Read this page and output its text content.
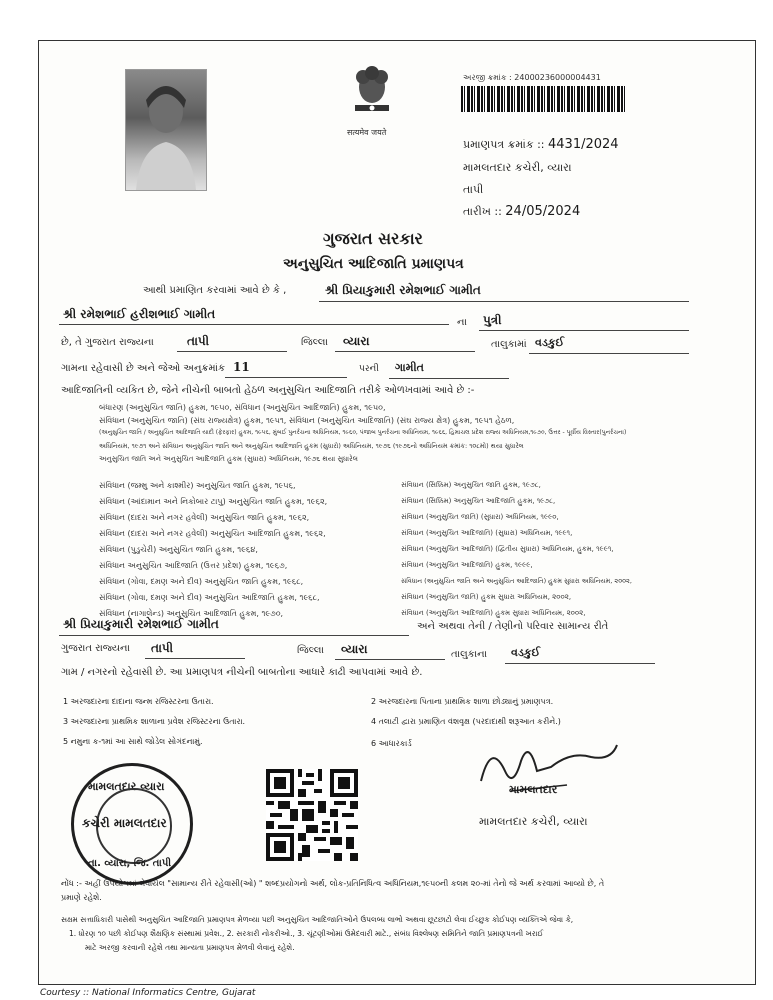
सत्यमेव जयते
અરજી ક્રમાંક : 24000236000004431
પ્રમાણપત્ર ક્રમાંક :: 4431/2024
મામલતદાર કચેરી, વ્યારા
તાપી
તારીખ :: 24/05/2024
ગુજરાત સરકાર
અનુસુચિત આદિજાતિ પ્રમાણપત્ર
આથી પ્રમાણિત કરવામાં આવે છે કે ,	શ્રી પ્રિયાકુમારી રમેશભાઈ ગામીત
શ્રી રમેશભાઈ હરીશભાઈ ગામીત
ના પુત્રી
છે, તે ગુજરાત રાજ્યના	તાપી	જિલ્લા વ્યારા	તાલુકામાં વડકુઈ
ગામના રહેવાસી છે અને જેઓ અનુક્રમાંક 11	પરની ગામીત
આદિજાતિની વ્યકિત છે, જેને નીચેની બાબતો હેઠળ અનુસુચિત આદિજાતિ તરીકે ઓળખવામાં આવે છે :-
બંધારણ (અનુસુચિત જાતિ) હુકમ, ૧૯૫૦, સંવિધાન (અનુસુચિત આદિજાતિ) હુકમ, ૧૯૫૦,
સંવિધાન (અનુસુચિત જાતિ) (સંઘ રાજ્યક્ષેત્ર) હુકમ, ૧૯૫૧, સંવિધાન (અનુસુચિત આદિજાતિ) (સંઘ રાજ્ય ક્ષેત્ર) હુકમ, ૧૯૫૧ હેઠળ,
(અનુસુચિત જાતિ / અનુસુચિત આદિજાતિ યાદી (ફેરફાર) હુકમ, ૧૯૫૬, મુંબઈ પુનર્રચના અધિનિયમ, ૧૯૬૦, પંજાબ પુનર્રચના અધિનિયમ, ૧૯૬૬, હિમાચલ પ્રદેશ રાજ્ય અધિનિયમ,૧૯૭૦, ઉત્તર - પૂર્વીય વિસ્તાર(પુનર્રચના)
અધિનિયમ, ૧૯૭૧ અને સંવિધાન અનુસુચિત જાતિ અને અનુસુચિત આદિજાતિ હુકમ (સુધારો) અધિનિયમ, ૧૯૭૬ (૧૯૭૬નો અધિનિયમ ક્રમાંક: ૧૦૮મો) થયા સુધારેલ
અનુસુચિત જાતિ અને અનુસુચિત આદિજાતિ હુકમ (સુધારા) અધિનિયમ, ૧૯૭૬ થયા સુધારેલ
સંવિધાન (જમ્મુ અને કાશ્મીર) અનુસુચિત જાતિ હુકમ, ૧૯૫૬,
સંવિધાન (આંદામાન અને નિકોબાર ટાપુ) અનુસુચિત જાતિ હુકમ, ૧૯૬૨,
સંવિધાન (દાદરા અને નગર હવેલી) અનુસુચિત જાતિ હુકમ, ૧૯૬૨,
સંવિધાન (દાદરા અને નગર હવેલી) અનુસુચિત આદિજાતિ હુકમ, ૧૯૬૨,
સંવિધાન (પુડુચેરી) અનુસુચિત જાતિ હુકમ, ૧૯૬૪,
સંવિધાન અનુસુચિત આદિજાતિ (ઉત્તર પ્રદેશ) હુકમ, ૧૯૬૭,
સંવિધાન (ગોવા, દમણ અને દીવ) અનુસુચિત જાતિ હુકમ, ૧૯૬૮,
સંવિધાન (ગોવા, દમણ અને દીવ) અનુસુચિત આદિજાતિ હુકમ, ૧૯૬૮,
સંવિધાન (નાગાલેન્ડ) અનુસુચિત આદિજાતિ હુકમ, ૧૯૭૦,
સંવિધાન (સિક્કિમ) અનુસુચિત જાતિ હુકમ, ૧૯૭૮,
સંવિધાન (સિક્કિમ) અનુસુચિત આદિજાતિ હુકમ, ૧૯૭૮,
સંવિધાન (અનુસુચિત જાતિ) (સુધારા) અધિનિયમ, ૧૯૯૦,
સંવિધાન (અનુસુચિત આદિજાતિ) (સુધારા) અધિનિયમ, ૧૯૯૧,
સંવિધાન (અનુસુચિત આદિજાતિ) (દ્વિતીય સુધારા) અધિનિયમ, હુકમ, ૧૯૯૧,
સંવિધાન (અનુસુચિત આદિજાતિ) હુકમ, ૧૯૯૯,
સંવિધાન (અનુસુચિત જાતિ અને અનુસુચિત આદિજાતિ) હુકમ સુધારા અધિનિયમ, ૨૦૦૨,
સંવિધાન (અનુસુચિત જાતિ) હુકમ સુધારા અધિનિયમ, ૨૦૦૨,
સંવિધાન (અનુસુચિત આદિજાતિ) હુકમ સુધારા અધિનિયમ, ૨૦૦૨,
શ્રી પ્રિયાકુમારી રમેશભાઈ ગામીત	અને અથવા તેની / તેણીનો પરિવાર સામાન્ય રીતે
ગુજરાત રાજ્યના તાપી	જિલ્લા વ્યારા	તાલુકાના વડકુઈ
ગામ / નગરનો રહેવાસી છે. આ પ્રમાણપત્ર નીચેની બાબતોના આધારે કાઢી આપવામાં આવે છે.
1 અરજદારના દાદાના જન્મ રજિસ્ટરના ઉતારા.	2 અરજદારના પિતાના પ્રાથમિક શાળા છોડ્યાનું પ્રમાણપત્ર.
3 અરજદારના પ્રાથમિક શાળાના પ્રવેશ રજિસ્ટરના ઉતારા.	4 તલાટી દ્વારા પ્રમાણિત વંશવૃક્ષ (પરદાદાથી શરૂઆત કરીને.)
5 નમુના ક-૧માં આ સાથે જોડેલ સોગંદનામું.	6 આધારકાર્ડ
મામલતદાર વ્યારા
કચેરી મામલતદાર
તા. વ્યારા, જિ. તાપી
મામલતદાર
મામલતદાર કચેરી, વ્યારા
નોંધ :- અહીં ઉપયોગમાં લેવાયેલ "સામાન્ય રીતે રહેવાસી(ઓ) " શબ્દપ્રયોગનો અર્થ, લોક-પ્રતિનિધિત્વ અધિનિયમ,૧૯૫૦ની કલમ ૨૦-માં તેનો જે અર્થ કરવામાં આવ્યો છે, તે
પ્રમાણે રહેશે.
સક્ષમ સત્તાધિકારી પાસેથી અનુસુચિત આદિજાતિ પ્રમાણપત્ર મેળવ્યા પછી અનુસુચિત આદિજાતિઓને ઉપલબ્ધ લાભો અથવા છૂટછાટો લેવા ઈચ્છુક કોઈપણ વ્યક્તિએ જેવા કે,
1. ધોરણ ૧૦ પછી કોઈપણ શૈક્ષણિક સંસ્થામાં પ્રવેશ., 2. સરકારી નોકરીઓ., 3. ચૂંટણીઓમાં ઉમેદવારી માટે., સંબંધ વિશ્લેષણ સમિતિને જાતિ પ્રમાણપત્રની ખરાઈ
માટે અરજી કરવાની રહેશે તથા માન્યતા પ્રમાણપત્ર મેળવી લેવાનું રહેશે.
Courtesy :: National Informatics Centre, Gujarat
